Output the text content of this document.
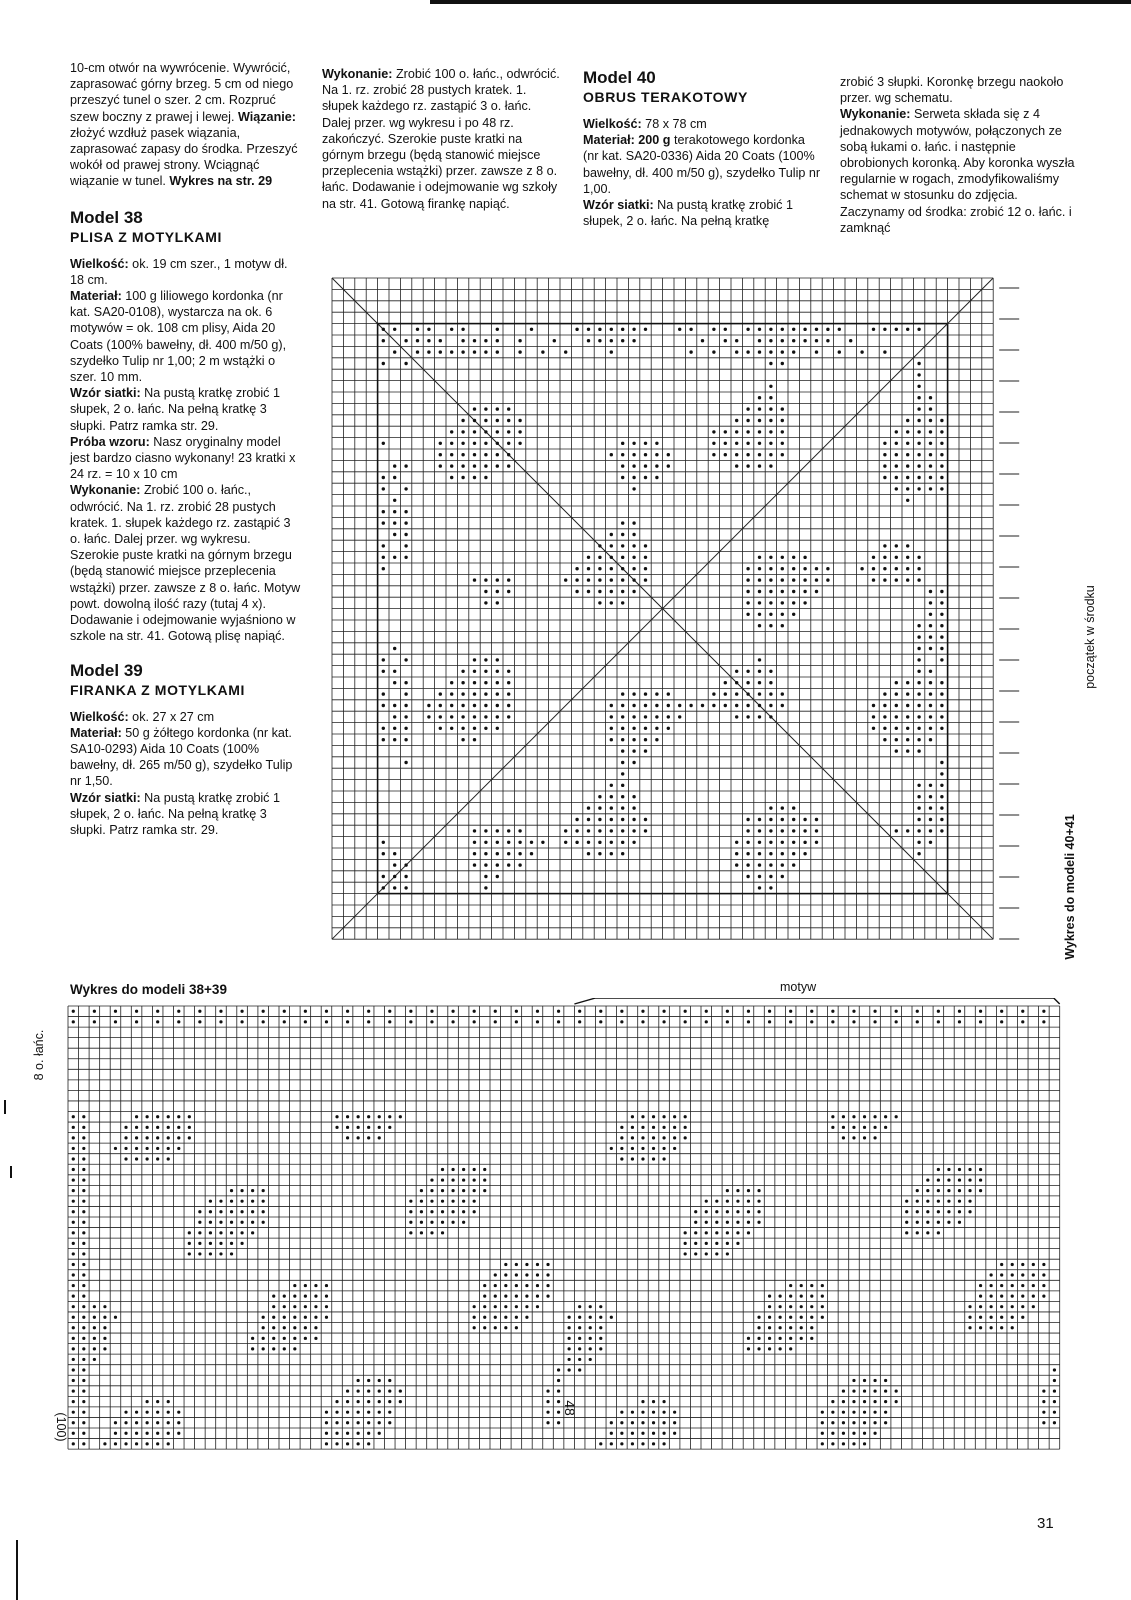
10-cm otwór na wywrócenie. Wywrócić, zaprasować górny brzeg. 5 cm od niego przeszyć tunel o szer. 2 cm. Rozpruć szew boczny z prawej i lewej. Wiązanie: złożyć wzdłuż pasek wiązania, zaprasować zapasy do środka. Przeszyć wokół od prawej strony. Wciągnąć wiązanie w tunel. Wykres na str. 29

Model 38
PLISA Z MOTYLKAMI

Wielkość: ok. 19 cm szer., 1 motyw dł. 18 cm.

Materiał: 100 g liliowego kordonka (nr kat. SA20-0108), wystarcza na ok. 6 motywów = ok. 108 cm plisy, Aida 20 Coats (100% bawełny, dł. 400 m/50 g), szydełko Tulip nr 1,00; 2 m wstążki o szer. 10 mm.

Wzór siatki: Na pustą kratkę zrobić 1 słupek, 2 o. łańc. Na pełną kratkę 3 słupki. Patrz ramka str. 29.

Próba wzoru: Nasz oryginalny model jest bardzo ciasno wykonany! 23 kratki x 24 rz. = 10 x 10 cm

Wykonanie: Zrobić 100 o. łańc., odwrócić. Na 1. rz. zrobić 28 pustych kratek. 1. słupek każdego rz. zastąpić 3 o. łańc. Dalej przer. wg wykresu. Szerokie puste kratki na górnym brzegu (będą stanowić miejsce przeplecenia wstążki) przer. zawsze z 8 o. łańc. Motyw powt. dowolną ilość razy (tutaj 4 x). Dodawanie i odejmowanie wyjaśniono w szkole na str. 41. Gotową plisę napiąć.

Model 39
FIRANKA Z MOTYLKAMI

Wielkość: ok. 27 x 27 cm

Materiał: 50 g żółtego kordonka (nr kat. SA10-0293) Aida 10 Coats (100% bawełny, dł. 265 m/50 g), szydełko Tulip nr 1,50.

Wzór siatki: Na pustą kratkę zrobić 1 słupek, 2 o. łańc. Na pełną kratkę 3 słupki. Patrz ramka str. 29.

Wykonanie: Zrobić 100 o. łańc., odwrócić. Na 1. rz. zrobić 28 pustych kratek. 1. słupek każdego rz. zastąpić 3 o. łańc. Dalej przer. wg wykresu i po 48 rz. zakończyć. Szerokie puste kratki na górnym brzegu (będą stanowić miejsce przeplecenia wstążki) przer. zawsze z 8 o. łańc. Dodawanie i odejmowanie wg szkoły na str. 41. Gotową firankę napiąć.

Model 40
OBRUS TERAKOTOWY

Wielkość: 78 x 78 cm

Materiał: 200 g terakotowego kordonka (nr kat. SA20-0336) Aida 20 Coats (100% bawełny, dł. 400 m/50 g), szydełko Tulip nr 1,00.

Wzór siatki: Na pustą kratkę zrobić 1 słupek, 2 o. łańc. Na pełną kratkę

zrobić 3 słupki. Koronkę brzegu naokoło przer. wg schematu.

Wykonanie: Serweta składa się z 4 jednakowych motywów, połączonych ze sobą łukami o. łańc. i następnie obrobionych koronką. Aby koronka wyszła regularnie w rogach, zmodyfikowaliśmy schemat w stosunku do zdjęcia. Zaczynamy od środka: zrobić 12 o. łańc. i zamknąć

początek w środku
Wykres do modeli 40+41
Wykres do modeli 38+39	motyw
8 o. łańc.
(100)
48
31
